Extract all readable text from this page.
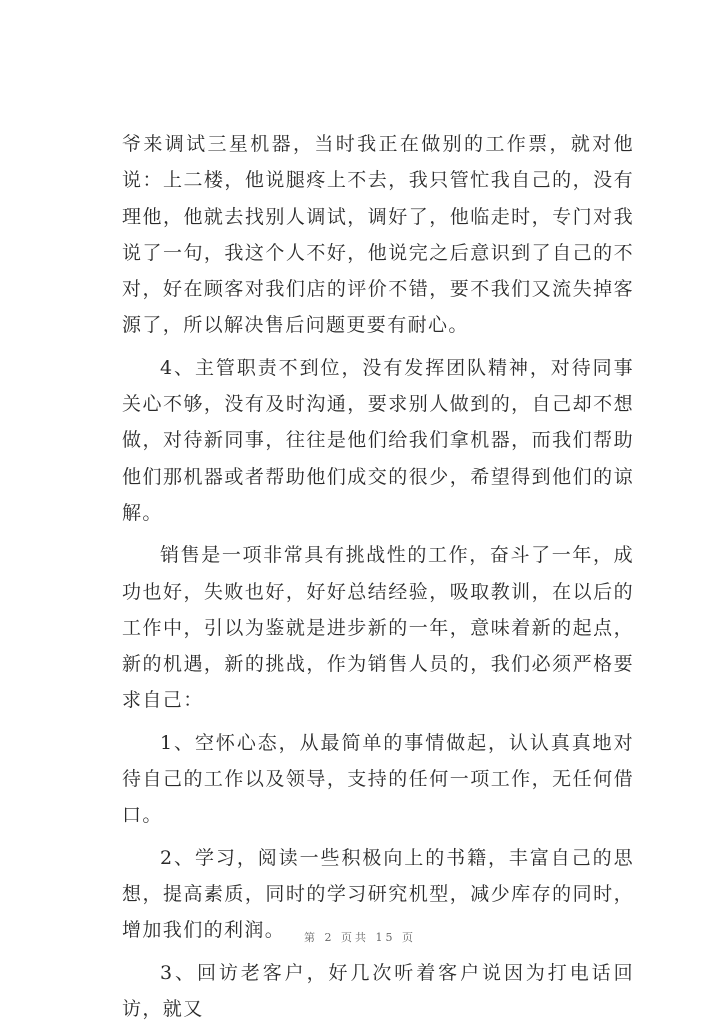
爷来调试三星机器，当时我正在做别的工作票，就对他说：上二楼，他说腿疼上不去，我只管忙我自己的，没有理他，他就去找别人调试，调好了，他临走时，专门对我说了一句，我这个人不好，他说完之后意识到了自己的不对，好在顾客对我们店的评价不错，要不我们又流失掉客源了，所以解决售后问题更要有耐心。

4、主管职责不到位，没有发挥团队精神，对待同事关心不够，没有及时沟通，要求别人做到的，自己却不想做，对待新同事，往往是他们给我们拿机器，而我们帮助他们那机器或者帮助他们成交的很少，希望得到他们的谅解。

销售是一项非常具有挑战性的工作，奋斗了一年，成功也好，失败也好，好好总结经验，吸取教训，在以后的工作中，引以为鉴就是进步新的一年，意味着新的起点，新的机遇，新的挑战，作为销售人员的，我们必须严格要求自己：

1、空怀心态，从最简单的事情做起，认认真真地对待自己的工作以及领导，支持的任何一项工作，无任何借口。

2、学习，阅读一些积极向上的书籍，丰富自己的思想，提高素质，同时的学习研究机型，减少库存的同时，增加我们的利润。

3、回访老客户，好几次听着客户说因为打电话回访，就又

第 2 页共 15 页
